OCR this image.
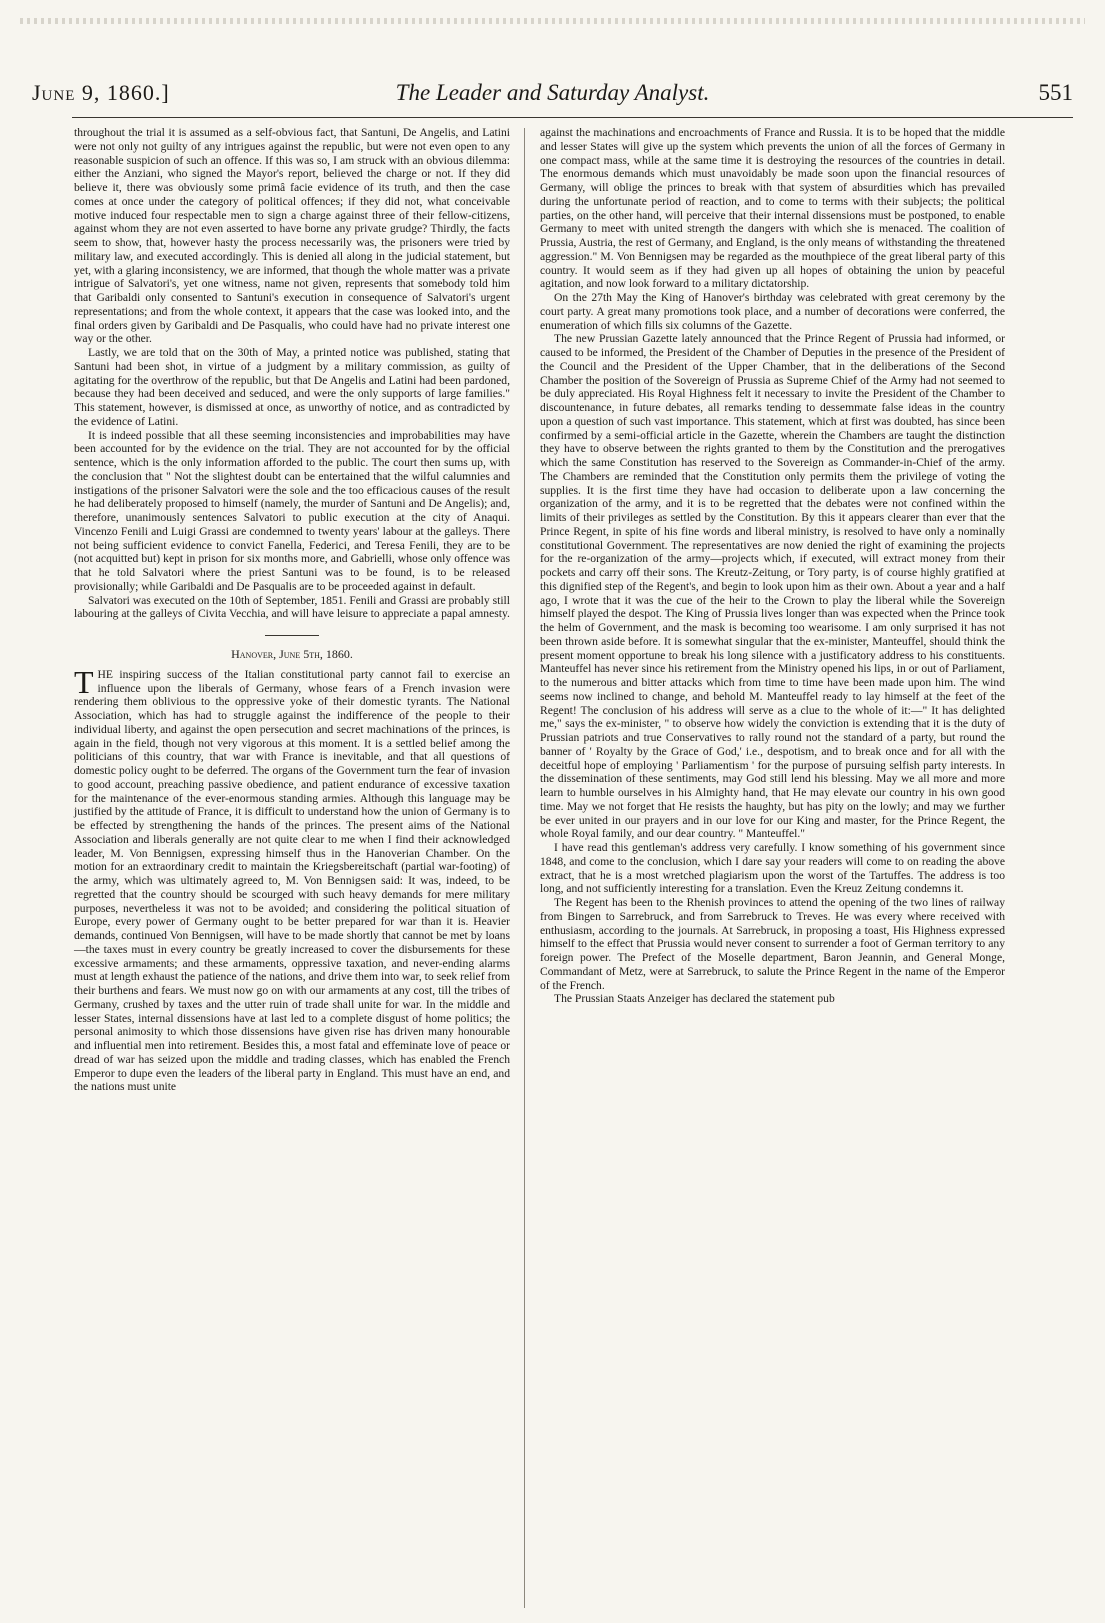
June 9, 1860.]	The Leader and Saturday Analyst.	551

throughout the trial it is assumed as a self-obvious fact, that Santuni, De Angelis, and Latini were not only not guilty of any intrigues against the republic, but were not even open to any reasonable suspicion of such an offence. If this was so, I am struck with an obvious dilemma: either the Anziani, who signed the Mayor's report, believed the charge or not. If they did believe it, there was obviously some primâ facie evidence of its truth, and then the case comes at once under the category of political offences; if they did not, what conceivable motive induced four respectable men to sign a charge against three of their fellow-citizens, against whom they are not even asserted to have borne any private grudge? Thirdly, the facts seem to show, that, however hasty the process necessarily was, the prisoners were tried by military law, and executed accordingly. This is denied all along in the judicial statement, but yet, with a glaring inconsistency, we are informed, that though the whole matter was a private intrigue of Salvatori's, yet one witness, name not given, represents that somebody told him that Garibaldi only consented to Santuni's execution in consequence of Salvatori's urgent representations; and from the whole context, it appears that the case was looked into, and the final orders given by Garibaldi and De Pasqualis, who could have had no private interest one way or the other.

Lastly, we are told that on the 30th of May, a printed notice was published, stating that Santuni had been shot, in virtue of a judgment by a military commission, as guilty of agitating for the overthrow of the republic, but that De Angelis and Latini had been pardoned, because they had been deceived and seduced, and were the only supports of large families." This statement, however, is dismissed at once, as unworthy of notice, and as contradicted by the evidence of Latini.

It is indeed possible that all these seeming inconsistencies and improbabilities may have been accounted for by the evidence on the trial. They are not accounted for by the official sentence, which is the only information afforded to the public. The court then sums up, with the conclusion that " Not the slightest doubt can be entertained that the wilful calumnies and instigations of the prisoner Salvatori were the sole and the too efficacious causes of the result he had deliberately proposed to himself (namely, the murder of Santuni and De Angelis); and, therefore, unanimously sentences Salvatori to public execution at the city of Anaqui. Vincenzo Fenili and Luigi Grassi are condemned to twenty years' labour at the galleys. There not being sufficient evidence to convict Fanella, Federici, and Teresa Fenili, they are to be (not acquitted but) kept in prison for six months more, and Gabrielli, whose only offence was that he told Salvatori where the priest Santuni was to be found, is to be released provisionally; while Garibaldi and De Pasqualis are to be proceeded against in default.

Salvatori was executed on the 10th of September, 1851. Fenili and Grassi are probably still labouring at the galleys of Civita Vecchia, and will have leisure to appreciate a papal amnesty.

Hanover, June 5th, 1860.

THE inspiring success of the Italian constitutional party cannot fail to exercise an influence upon the liberals of Germany, whose fears of a French invasion were rendering them oblivious to the oppressive yoke of their domestic tyrants. The National Association, which has had to struggle against the indifference of the people to their individual liberty, and against the open persecution and secret machinations of the princes, is again in the field, though not very vigorous at this moment. It is a settled belief among the politicians of this country, that war with France is inevitable, and that all questions of domestic policy ought to be deferred. The organs of the Government turn the fear of invasion to good account, preaching passive obedience, and patient endurance of excessive taxation for the maintenance of the ever-enormous standing armies. Although this language may be justified by the attitude of France, it is difficult to understand how the union of Germany is to be effected by strengthening the hands of the princes. The present aims of the National Association and liberals generally are not quite clear to me when I find their acknowledged leader, M. Von Bennigsen, expressing himself thus in the Hanoverian Chamber. On the motion for an extraordinary credit to maintain the Kriegsbereitschaft (partial war-footing) of the army, which was ultimately agreed to, M. Von Bennigsen said: It was, indeed, to be regretted that the country should be scourged with such heavy demands for mere military purposes, nevertheless it was not to be avoided; and considering the political situation of Europe, every power of Germany ought to be better prepared for war than it is. Heavier demands, continued Von Bennigsen, will have to be made shortly that cannot be met by loans—the taxes must in every country be greatly increased to cover the disbursements for these excessive armaments; and these armaments, oppressive taxation, and never-ending alarms must at length exhaust the patience of the nations, and drive them into war, to seek relief from their burthens and fears. We must now go on with our armaments at any cost, till the tribes of Germany, crushed by taxes and the utter ruin of trade shall unite for war. In the middle and lesser States, internal dissensions have at last led to a complete disgust of home politics; the personal animosity to which those dissensions have given rise has driven many honourable and influential men into retirement. Besides this, a most fatal and effeminate love of peace or dread of war has seized upon the middle and trading classes, which has enabled the French Emperor to dupe even the leaders of the liberal party in England. This must have an end, and the nations must unite

against the machinations and encroachments of France and Russia. It is to be hoped that the middle and lesser States will give up the system which prevents the union of all the forces of Germany in one compact mass, while at the same time it is destroying the resources of the countries in detail. The enormous demands which must unavoidably be made soon upon the financial resources of Germany, will oblige the princes to break with that system of absurdities which has prevailed during the unfortunate period of reaction, and to come to terms with their subjects; the political parties, on the other hand, will perceive that their internal dissensions must be postponed, to enable Germany to meet with united strength the dangers with which she is menaced. The coalition of Prussia, Austria, the rest of Germany, and England, is the only means of withstanding the threatened aggression." M. Von Bennigsen may be regarded as the mouthpiece of the great liberal party of this country. It would seem as if they had given up all hopes of obtaining the union by peaceful agitation, and now look forward to a military dictatorship.

On the 27th May the King of Hanover's birthday was celebrated with great ceremony by the court party. A great many promotions took place, and a number of decorations were conferred, the enumeration of which fills six columns of the Gazette.

The new Prussian Gazette lately announced that the Prince Regent of Prussia had informed, or caused to be informed, the President of the Chamber of Deputies in the presence of the President of the Council and the President of the Upper Chamber, that in the deliberations of the Second Chamber the position of the Sovereign of Prussia as Supreme Chief of the Army had not seemed to be duly appreciated. His Royal Highness felt it necessary to invite the President of the Chamber to discountenance, in future debates, all remarks tending to dessemmate false ideas in the country upon a question of such vast importance. This statement, which at first was doubted, has since been confirmed by a semi-official article in the Gazette, wherein the Chambers are taught the distinction they have to observe between the rights granted to them by the Constitution and the prerogatives which the same Constitution has reserved to the Sovereign as Commander-in-Chief of the army. The Chambers are reminded that the Constitution only permits them the privilege of voting the supplies. It is the first time they have had occasion to deliberate upon a law concerning the organization of the army, and it is to be regretted that the debates were not confined within the limits of their privileges as settled by the Constitution. By this it appears clearer than ever that the Prince Regent, in spite of his fine words and liberal ministry, is resolved to have only a nominally constitutional Government. The representatives are now denied the right of examining the projects for the re-organization of the army—projects which, if executed, will extract money from their pockets and carry off their sons. The Kreutz-Zeitung, or Tory party, is of course highly gratified at this dignified step of the Regent's, and begin to look upon him as their own. About a year and a half ago, I wrote that it was the cue of the heir to the Crown to play the liberal while the Sovereign himself played the despot. The King of Prussia lives longer than was expected when the Prince took the helm of Government, and the mask is becoming too wearisome. I am only surprised it has not been thrown aside before. It is somewhat singular that the ex-minister, Manteuffel, should think the present moment opportune to break his long silence with a justificatory address to his constituents. Manteuffel has never since his retirement from the Ministry opened his lips, in or out of Parliament, to the numerous and bitter attacks which from time to time have been made upon him. The wind seems now inclined to change, and behold M. Manteuffel ready to lay himself at the feet of the Regent! The conclusion of his address will serve as a clue to the whole of it:—" It has delighted me," says the ex-minister, " to observe how widely the conviction is extending that it is the duty of Prussian patriots and true Conservatives to rally round not the standard of a party, but round the banner of ' Royalty by the Grace of God,' i.e., despotism, and to break once and for all with the deceitful hope of employing ' Parliamentism ' for the purpose of pursuing selfish party interests. In the dissemination of these sentiments, may God still lend his blessing. May we all more and more learn to humble ourselves in his Almighty hand, that He may elevate our country in his own good time. May we not forget that He resists the haughty, but has pity on the lowly; and may we further be ever united in our prayers and in our love for our King and master, for the Prince Regent, the whole Royal family, and our dear country. " Manteuffel."

I have read this gentleman's address very carefully. I know something of his government since 1848, and come to the conclusion, which I dare say your readers will come to on reading the above extract, that he is a most wretched plagiarism upon the worst of the Tartuffes. The address is too long, and not sufficiently interesting for a translation. Even the Kreuz Zeitung condemns it.

The Regent has been to the Rhenish provinces to attend the opening of the two lines of railway from Bingen to Sarrebruck, and from Sarrebruck to Treves. He was every where received with enthusiasm, according to the journals. At Sarrebruck, in proposing a toast, His Highness expressed himself to the effect that Prussia would never consent to surrender a foot of German territory to any foreign power. The Prefect of the Moselle department, Baron Jeannin, and General Monge, Commandant of Metz, were at Sarrebruck, to salute the Prince Regent in the name of the Emperor of the French.

The Prussian Staats Anzeiger has declared the statement pub
